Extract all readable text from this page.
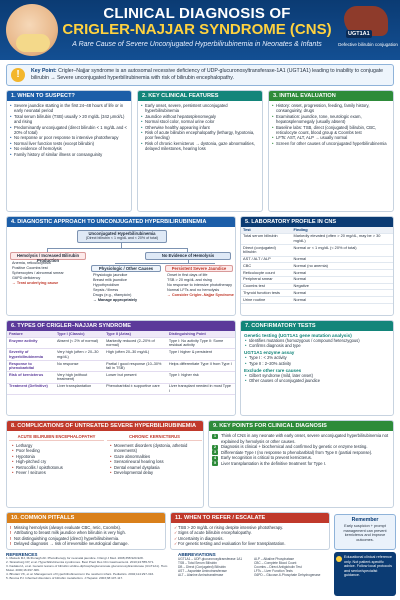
CLINICAL DIAGNOSIS OF
CRIGLER-NAJJAR SYNDROME (CNS)
A Rare Cause of Severe Unconjugated Hyperbilirubinemia in Neonates & Infants
UGT1A1
Defective bilirubin conjugation
!	Key Point: Crigler–Najjar syndrome is an autosomal recessive deficiency of UDP-glucuronosyltransferase-1A1 (UGT1A1) leading to inability to conjugate bilirubin → Severe unconjugated hyperbilirubinemia with risk of bilirubin encephalopathy.
1. WHEN TO SUSPECT?
• Severe jaundice starting in the first 24–48 hours of life or in early neonatal period
• Total serum bilirubin (TSB) usually > 20 mg/dL (342 μmol/L) and rising
• Predominantly unconjugated (direct bilirubin < 1 mg/dL and < 20% of total)
• No response or poor response to intensive phototherapy
• Normal liver function tests (except bilirubin)
• No evidence of hemolysis
• Family history of similar illness or consanguinity
2. KEY CLINICAL FEATURES
• Early onset, severe, persistent unconjugated hyperbilirubinemia
• Jaundice without hepatosplenomegaly
• Normal stool color, normal urine color
• Otherwise healthy appearing infant
• Risk of acute bilirubin encephalopathy (lethargy, hypotonia, poor feeding)
• Risk of chronic kernicterus → dystonia, gaze abnormalities, delayed milestones, hearing loss
3. INITIAL EVALUATION
• History: onset, progression, feeding, family history, consanguinity, drugs
• Examination: jaundice, tone, neurologic exam, hepatosplenomegaly (usually absent)
• Baseline labs: TSB, direct (conjugated) bilirubin, CBC, reticulocyte count, blood group & Coombs test
• LFTs: AST, ALT, ALP → usually normal
• Screen for other causes of unconjugated hyperbilirubinemia
4. DIAGNOSTIC APPROACH TO UNCONJUGATED HYPERBILIRUBINEMIA
Unconjugated Hyperbilirubinemia
(Direct bilirubin < 1 mg/dL and < 20% of total)
Hemolysis / Increased Bilirubin Production
Anemia, reticulocytosis
Positive Coombs test
Spherocytes / abnormal smear
G6PD deficiency
→ Treat underlying cause
No Evidence of Hemolysis
Physiologic / Other Causes
Physiologic jaundice
Breast milk jaundice
Hypothyroidism
Sepsis / illness
Drugs (e.g., rifampicin)
→ Manage appropriately
Persistent Severe Jaundice
Onset in first days of life
TSB > 20 mg/dL and rising
No response to intensive phototherapy
Normal LFTs and no hemolysis
→ Consider Crigler–Najjar Syndrome
5. LABORATORY PROFILE IN CNS
Test	Finding
Total serum bilirubin	Markedly elevated (often > 20 mg/dL, may be > 30 mg/dL)
Direct (conjugated) bilirubin	Normal or < 1 mg/dL (< 20% of total)
AST / ALT / ALP	Normal
CBC	Normal (no anemia)
Reticulocyte count	Normal
Peripheral smear	Normal
Coombs test	Negative
Thyroid function tests	Normal
Urine routine	Normal
6. TYPES OF CRIGLER–NAJJAR SYNDROME
Feature	Type I (Classic)	Type II (Arias)	Distinguishing Point
Enzyme activity	Absent (< 2% of normal)	Markedly reduced (2–20% of normal)	Type I: No activity Type II: Some residual activity
Severity of hyperbilirubinemia	Very high (often > 20–30 mg/dL)	High (often 20–30 mg/dL)	Type I higher & persistent
Response to phenobarbital	No response	Partial / good response (10–30% fall in TSB)	Helps differentiate Type II from Type I
Risk of kernicterus	Very high (without treatment)	Lower but present	Type I: higher risk
Treatment (Definitive)	Liver transplantation	Phenobarbital ± supportive care	Liver transplant needed in most Type I
7. CONFIRMATORY TESTS
Genetic testing (UGT1A1 gene mutation analysis)
• Identifies mutations (homozygous / compound heterozygous)
• Confirms diagnosis and type
UGT1A1 enzyme assay
• Type I : < 2% activity
• Type II : 2–20% activity
Exclude other rare causes
• Gilbert syndrome (mild, later onset)
• Other causes of unconjugated jaundice
8. COMPLICATIONS OF UNTREATED SEVERE HYPERBILIRUBINEMIA
ACUTE BILIRUBIN ENCEPHALOPATHY
• Lethargy
• Poor feeding
• Hypotonia
• High-pitched cry
• Retrocollis / opisthotonus
• Fever / seizures
CHRONIC KERNICTERUS
• Movement disorders (dystonia, athetoid movements)
• Gaze abnormalities
• Sensorineural hearing loss
• Dental enamel dysplasia
• Developmental delay
9. KEY POINTS FOR CLINICAL DIAGNOSIS
1	Think of CNS in any neonate with early onset, severe unconjugated hyperbilirubinemia not explained by hemolysis or other causes.
2	Diagnosis is clinical + biochemical and confirmed by genetic or enzyme testing.
3	Differentiate Type I (no response to phenobarbital) from Type II (partial response).
4	Early recognition is critical to prevent kernicterus.
5	Liver transplantation is the definitive treatment for Type I.
10. COMMON PITFALLS
! Missing hemolysis (always evaluate CBC, retic, Coombs).
! Attributing to breast milk jaundice when bilirubin is very high.
! Not distinguishing conjugated (direct) hyperbilirubinemia.
! Delayed diagnosis → risk of irreversible neurological damage.
11. WHEN TO REFER / ESCALATE
✓ TSB > 20 mg/dL or rising despite intensive phototherapy.
✓ Signs of acute bilirubin encephalopathy.
✓ Uncertainty in diagnosis.
✓ For genetic testing and evaluation for liver transplantation.
Remember
Early suspicion + prompt management can prevent kernicterus and improve outcomes.
REFERENCES
1. Maisels MJ, McDonagh AF. Phototherapy for neonatal jaundice. N Engl J Med. 2008;358:920-928.
2. Strassburg CP, et al. Hyperbilirubinemia syndromes. Best Pract Res Clin Gastroenterol. 2010;24:555-571.
3. Kadakol A, et al. Genetic lesions of bilirubin uridine-diphosphoglucuronate glucuronosyltransferase (UGT1A1). Hum Mutat. 2000;16:297-306.
4. Bhutani VK, et al. Management of hyperbilirubinemia in the newborn infant. Pediatrics. 2004;114:297-316.
5. Bosma PJ. Inherited disorders of bilirubin metabolism. J Hepatol. 2003;38:107-117.
ABBREVIATIONS
UGT1A1 – UDP-glucuronosyltransferase 1A1	ALP – Alkaline Phosphatase
TSB – Total Serum Bilirubin	CBC – Complete Blood Count
DB – Direct (Conjugated) Bilirubin	Coombs – Direct Antiglobulin Test
AST – Aspartate Aminotransferase	LFTs – Liver Function Tests
ALT – Alanine Aminotransferase	G6PD – Glucose-6-Phosphate Dehydrogenase
Educational clinical reference only. Not patient-specific advice. Follow local protocols and senior/specialist guidance.
